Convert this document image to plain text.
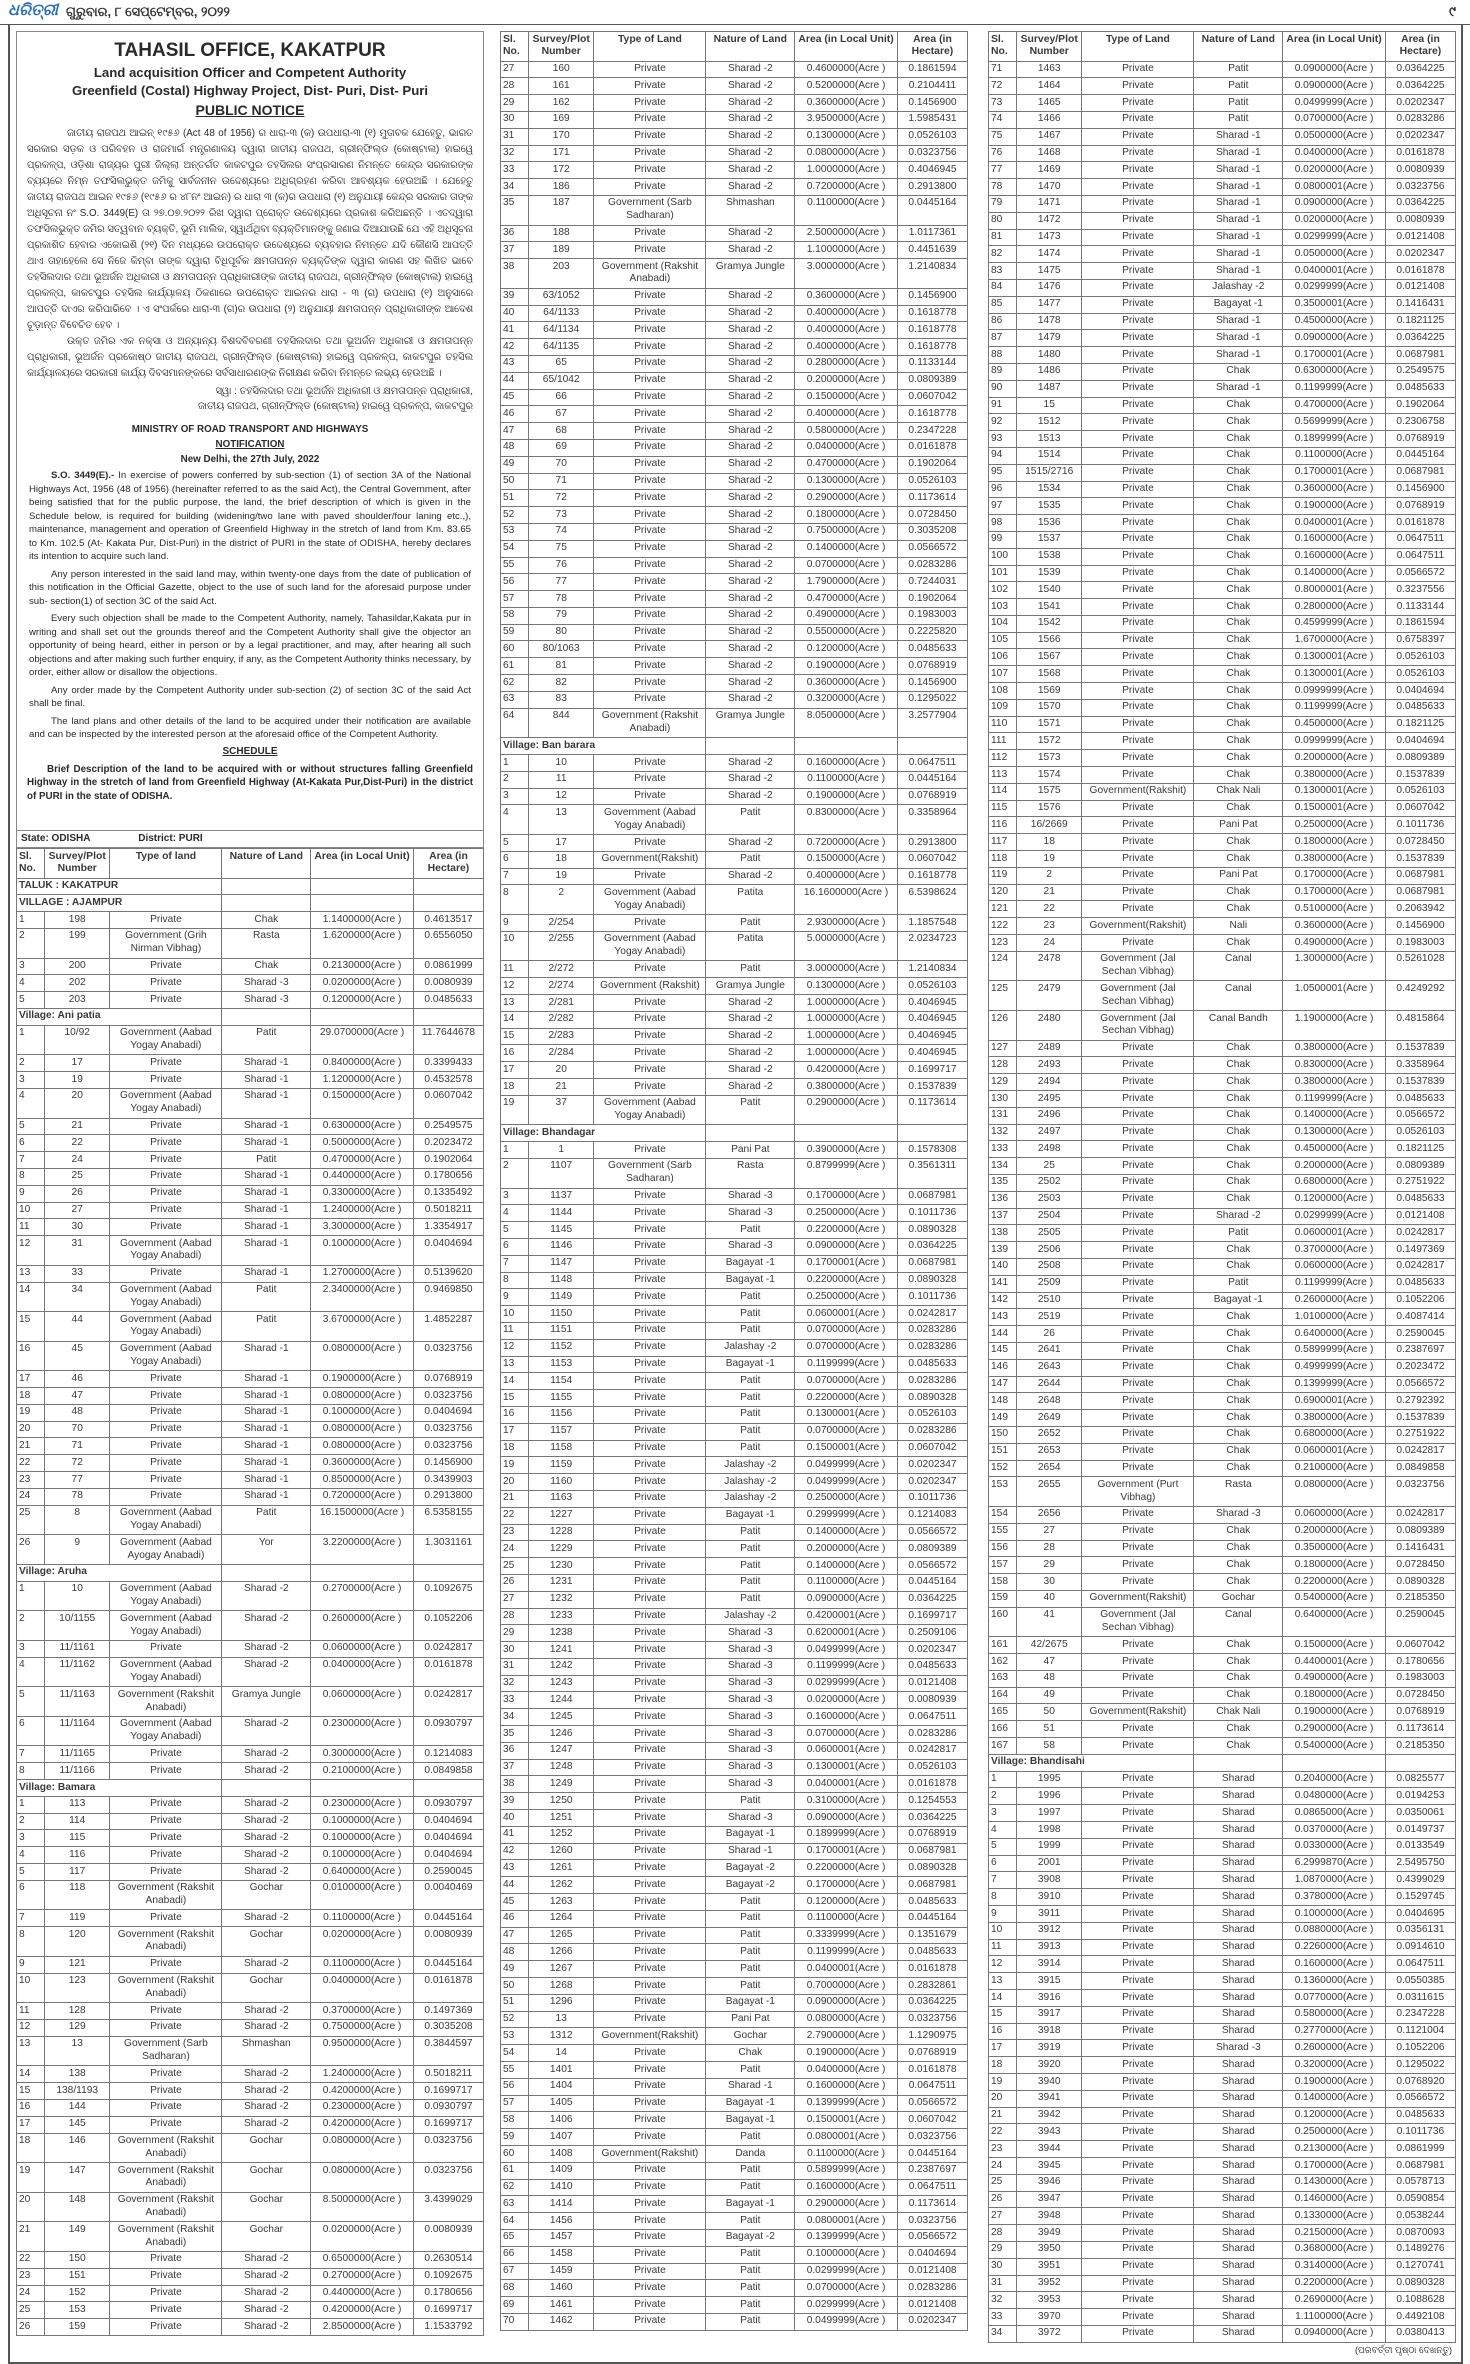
ଧରିତ୍ରୀ ଗୁରୁବାର, ୮ ସେପ୍ଟେମ୍ବର, ୨୦୨୨	୯
TAHASIL OFFICE, KAKATPUR
Land acquisition Officer and Competent Authority
Greenfield (Costal) Highway Project, Dist- Puri, Dist- Puri
PUBLIC NOTICE

ଜାତୀୟ ରାଜପଥ ଆଇନ୍ ୧୯୫୬ (Act 48 of 1956) ର ଧାରା-୩ (କ) ଉପଧାରା-୩ (୧) ମୁତାବକ ଯେହେତୁ, ଭାରତ ସରକାର ସଡ଼କ ଓ ପରିବହନ ଓ ରାଜମାର୍ଗ ମନ୍ତ୍ରଣାଳୟ ଦ୍ୱାରା ଜାତୀୟ ରାଜପଥ, ଗ୍ରୀନ୍‌ଫିଲ୍ଡ (କୋଷ୍ଟାଲ) ହାଇୱେ ପ୍ରକଳ୍ପ, ଓଡ଼ିଶା ରାଜ୍ୟର ପୁରୀ ଜିଲ୍ଲା ଅନ୍ତର୍ଗତ କାକଟପୁର ତହସିଲର ସଂପ୍ରସାରଣ ନିମନ୍ତେ କେନ୍ଦ୍ର ସରକାରଙ୍କ ବ୍ୟୟରେ ନିମ୍ନ ତଫସିଲଭୁକ୍ତ ଜମିକୁ ସାର୍ବଜନୀନ ଉଦ୍ଦେଶ୍ୟରେ ଅଧିଗ୍ରହଣ କରିବା ଆବଶ୍ୟକ ହେଉଅଛି । ଯେହେତୁ ଜାତୀୟ ରାଜପଥ ଆଇନ ୧୯୫୬ (୧୯୫୬ ର ୪୮ନଂ ଆଇନ) ର ଧାରା ୩ (କ)ର ଉପଧାରା (୧) ଅନୁଯାୟୀ କେନ୍ଦ୍ର ସରକାର ତାଙ୍କ ଅଧିସୂଚନା ନଂ S.O. 3449(E) ତା ୨୭.୦୭.୨୦୨୨ ରିଖ ଦ୍ୱାରା ପ୍ରୋକ୍ତ ଉଦ୍ଦେଶ୍ୟରେ ପ୍ରକାଶ କରିଅଛନ୍ତି । ଏତଦ୍ୱାରା ତଫସିଲଭୁକ୍ତ ଜମିର ସତ୍ୱବାନ ବ୍ୟକ୍ତି, ଭୂମି ମାଲିକ, ସ୍ୱାର୍ଥଥିବା ବ୍ୟକ୍ତିମାନଙ୍କୁ ଜଣାଇ ଦିଆଯାଉଛି ଯେ ଏହି ଅଧିସୂଚନା ପ୍ରକାଶିତ ହେବାର ଏକୋଇଶି (୨୧) ଦିନ ମଧ୍ୟରେ ଉପରୋକ୍ତ ଉଦ୍ଦେଶ୍ୟରେ ବ୍ୟବହାର ନିମନ୍ତେ ଯଦି କୌଣସି ଆପତ୍ତି ଥାଏ ତାହାହେଲେ ସେ ନିଜେ କିମ୍ବା ତାଙ୍କ ଦ୍ୱାରା ବିଧିପୂର୍ବକ କ୍ଷମତାପନ୍ନ ବ୍ୟକ୍ତିଙ୍କ ଦ୍ୱାରା କାରଣ ସହ ଲିଖିତ ଭାବେ ତହସିଲଦାର ତଥା ଭୂଅର୍ଜନ ଅଧିକାରୀ ଓ କ୍ଷମତାପନ୍ନ ପ୍ରାଧିକାରୀଙ୍କ ଜାତୀୟ ରାଜପଥ, ଗ୍ରୀନ୍‌ଫିଲ୍ଡ (କୋଷ୍ଟାଲ) ହାଇୱେ ପ୍ରକଳ୍ପ, କାକଟପୁର ତହସିଲ କାର୍ଯ୍ୟାଳୟ ଠିକଣାରେ ଉପରୋକ୍ତ ଆଇନର ଧାରା - ୩ (ଗ) ଉପଧାରା (୧) ଅନୁସାରେ ଆପତ୍ତି ଦାଏର କରିପାରିବେ । ଏ ସଂପର୍କରେ ଧାରା-୩ (ଗ)ର ଉପଧାରା (୨) ଅନୁଯାୟୀ କ୍ଷମତାପନ୍ନ ପ୍ରାଧିକାରୀଙ୍କ ଆଦେଶ ଚୂଡ଼ାନ୍ତ ବିବେଚିତ ହେବ ।

ଉକ୍ତ ଜମିର ଏକ ନକ୍ସା ଓ ଅନ୍ୟାନ୍ୟ ବିଶଦବିବରଣୀ ତହସିଲଦାର ତଥା ଭୂଅର୍ଜନ ଅଧିକାରୀ ଓ କ୍ଷମତାପନ୍ନ ପ୍ରାଧିକାରୀ, ଭୂଅର୍ଜନ ପ୍ରକୋଷ୍ଠ ଜାତୀୟ ରାଜପଥ, ଗ୍ରୀନ୍‌ଫିଲ୍ଡ (କୋଷ୍ଟାଲ) ହାଇୱେ ପ୍ରକଳ୍ପ, କାକଟପୁର ତହସିଲ କାର୍ଯ୍ୟାଳୟରେ ସରକାରୀ କାର୍ଯ୍ୟ ଦିବସମାନଙ୍କରେ ସର୍ବସାଧାରଣଙ୍କ ନିରୀକ୍ଷଣ କରିବା ନିମନ୍ତେ ଲଭ୍ୟ ହେଉଅଛି ।

ସ୍ୱା : ତହସିଲଦାର ତଥା ଭୂଅର୍ଜନ ଅଧିକାରୀ ଓ କ୍ଷମତାପନ୍ନ ପ୍ରାଧିକାରୀ,
ଜାତୀୟ ରାଜପଥ, ଗ୍ରୀନ୍‌ଫିଲ୍ଡ (କୋଷ୍ଟାଲ) ହାଇୱେ ପ୍ରକଳ୍ପ, କାକଟପୁର
MINISTRY OF ROAD TRANSPORT AND HIGHWAYS
NOTIFICATION
New Delhi, the 27th July, 2022

S.O. 3449(E).- In exercise of powers conferred by sub-section (1) of section 3A of the National Highways Act, 1956 (48 of 1956) (hereinafter referred to as the said Act), the Central Government, after being satisfied that for the public purpose, the land, the brief description of which is given in the Schedule below, is required for building (widening/two lane with paved shoulder/four laning etc.,), maintenance, management and operation of Greenfield Highway in the stretch of land from Km. 83.65 to Km. 102.5 (At- Kakata Pur, Dist-Puri) in the district of PURI in the state of ODISHA, hereby declares its intention to acquire such land.

Any person interested in the said land may, within twenty-one days from the date of publication of this notification in the Official Gazette, object to the use of such land for the aforesaid purpose under sub- section(1) of section 3C of the said Act.

Every such objection shall be made to the Competent Authority, namely, Tahasildar,Kakata pur in writing and shall set out the grounds thereof and the Competent Authority shall give the objector an opportunity of being heard, either in person or by a legal practitioner, and may, after hearing all such objections and after making such further enquiry, if any, as the Competent Authority thinks necessary, by order, either allow or disallow the objections.

Any order made by the Competent Authority under sub-section (2) of section 3C of the said Act shall be final.

The land plans and other details of the land to be acquired under their notification are available and can be inspected by the interested person at the aforesaid office of the Competent Authority.

SCHEDULE

Brief Description of the land to be acquired with or without structures falling Greenfield Highway in the stretch of land from Greenfield Highway (At-Kakata Pur,Dist-Puri) in the district of PURI in the state of ODISHA.

State: ODISHA	District: PURI
Sl. No.	Survey/Plot Number	Type of land	Nature of Land	Area (in Local Unit)	Area (in Hectare)
TALUK : KAKATPUR					
VILLAGE : AJAMPUR					
1	198	Private	Chak	1.1400000(Acre )	0.4613517
2	199	Government (Grih Nirman Vibhag)	Rasta	1.6200000(Acre )	0.6556050
3	200	Private	Chak	0.2130000(Acre )	0.0861999
4	202	Private	Sharad -3	0.0200000(Acre )	0.0080939
5	203	Private	Sharad -3	0.1200000(Acre )	0.0485633
Village: Ani patia					
1	10/92	Government (Aabad Yogay Anabadi)	Patit	29.0700000(Acre )	11.7644678
2	17	Private	Sharad -1	0.8400000(Acre )	0.3399433
3	19	Private	Sharad -1	1.1200000(Acre )	0.4532578
4	20	Government (Aabad Yogay Anabadi)	Sharad -1	0.1500000(Acre )	0.0607042
5	21	Private	Sharad -1	0.6300000(Acre )	0.2549575
6	22	Private	Sharad -1	0.5000000(Acre )	0.2023472
7	24	Private	Patit	0.4700000(Acre )	0.1902064
8	25	Private	Sharad -1	0.4400000(Acre )	0.1780656
9	26	Private	Sharad -1	0.3300000(Acre )	0.1335492
10	27	Private	Sharad -1	1.2400000(Acre )	0.5018211
11	30	Private	Sharad -1	3.3000000(Acre )	1.3354917
12	31	Government (Aabad Yogay Anabadi)	Sharad -1	0.1000000(Acre )	0.0404694
13	33	Private	Sharad -1	1.2700000(Acre )	0.5139620
14	34	Government (Aabad Yogay Anabadi)	Patit	2.3400000(Acre )	0.9469850
15	44	Government (Aabad Yogay Anabadi)	Patit	3.6700000(Acre )	1.4852287
16	45	Government (Aabad Yogay Anabadi)	Sharad -1	0.0800000(Acre )	0.0323756
17	46	Private	Sharad -1	0.1900000(Acre )	0.0768919
18	47	Private	Sharad -1	0.0800000(Acre )	0.0323756
19	48	Private	Sharad -1	0.1000000(Acre )	0.0404694
20	70	Private	Sharad -1	0.0800000(Acre )	0.0323756
21	71	Private	Sharad -1	0.0800000(Acre )	0.0323756
22	72	Private	Sharad -1	0.3600000(Acre )	0.1456900
23	77	Private	Sharad -1	0.8500000(Acre )	0.3439903
24	78	Private	Sharad -1	0.7200000(Acre )	0.2913800
25	8	Government (Aabad Yogay Anabadi)	Patit	16.1500000(Acre )	6.5358155
26	9	Government (Aabad Ayogay Anabadi)	Yor	3.2200000(Acre )	1.3031161
Village: Aruha					
1	10	Government (Aabad Yogay Anabadi)	Sharad -2	0.2700000(Acre )	0.1092675
2	10/1155	Government (Aabad Yogay Anabadi)	Sharad -2	0.2600000(Acre )	0.1052206
3	11/1161	Private	Sharad -2	0.0600000(Acre )	0.0242817
4	11/1162	Government (Aabad Yogay Anabadi)	Sharad -2	0.0400000(Acre )	0.0161878
5	11/1163	Government (Rakshit Anabadi)	Gramya Jungle	0.0600000(Acre )	0.0242817
6	11/1164	Government (Aabad Yogay Anabadi)	Sharad -2	0.2300000(Acre )	0.0930797
7	11/1165	Private	Sharad -2	0.3000000(Acre )	0.1214083
8	11/1166	Private	Sharad -2	0.2100000(Acre )	0.0849858
Village: Bamara					
1	113	Private	Sharad -2	0.2300000(Acre )	0.0930797
2	114	Private	Sharad -2	0.1000000(Acre )	0.0404694
3	115	Private	Sharad -2	0.1000000(Acre )	0.0404694
4	116	Private	Sharad -2	0.1000000(Acre )	0.0404694
5	117	Private	Sharad -2	0.6400000(Acre )	0.2590045
6	118	Government (Rakshit Anabadi)	Gochar	0.0100000(Acre )	0.0040469
7	119	Private	Sharad -2	0.1100000(Acre )	0.0445164
8	120	Government (Rakshit Anabadi)	Gochar	0.0200000(Acre )	0.0080939
9	121	Private	Sharad -2	0.1100000(Acre )	0.0445164
10	123	Government (Rakshit Anabadi)	Gochar	0.0400000(Acre )	0.0161878
11	128	Private	Sharad -2	0.3700000(Acre )	0.1497369
12	129	Private	Sharad -2	0.7500000(Acre )	0.3035208
13	13	Government (Sarb Sadharan)	Shmashan	0.9500000(Acre )	0.3844597
14	138	Private	Sharad -2	1.2400000(Acre )	0.5018211
15	138/1193	Private	Sharad -2	0.4200000(Acre )	0.1699717
16	144	Private	Sharad -2	0.2300000(Acre )	0.0930797
17	145	Private	Sharad -2	0.4200000(Acre )	0.1699717
18	146	Government (Rakshit Anabadi)	Gochar	0.0800000(Acre )	0.0323756
19	147	Government (Rakshit Anabadi)	Gochar	0.0800000(Acre )	0.0323756
20	148	Government (Rakshit Anabadi)	Gochar	8.5000000(Acre )	3.4399029
21	149	Government (Rakshit Anabadi)	Gochar	0.0200000(Acre )	0.0080939
22	150	Private	Sharad -2	0.6500000(Acre )	0.2630514
23	151	Private	Sharad -2	0.2700000(Acre )	0.1092675
24	152	Private	Sharad -2	0.4400000(Acre )	0.1780656
25	153	Private	Sharad -2	0.4200000(Acre )	0.1699717
26	159	Private	Sharad -2	2.8500000(Acre )	1.1533792
Sl. No.	Survey/Plot Number	Type of Land	Nature of Land	Area (in Local Unit)	Area (in Hectare)
27	160	Private	Sharad -2	0.4600000(Acre )	0.1861594
28	161	Private	Sharad -2	0.5200000(Acre )	0.2104411
29	162	Private	Sharad -2	0.3600000(Acre )	0.1456900
30	169	Private	Sharad -2	3.9500000(Acre )	1.5985431
31	170	Private	Sharad -2	0.1300000(Acre )	0.0526103
32	171	Private	Sharad -2	0.0800000(Acre )	0.0323756
33	172	Private	Sharad -2	1.0000000(Acre )	0.4046945
34	186	Private	Sharad -2	0.7200000(Acre )	0.2913800
35	187	Government (Sarb Sadharan)	Shmashan	0.1100000(Acre )	0.0445164
36	188	Private	Sharad -2	2.5000000(Acre )	1.0117361
37	189	Private	Sharad -2	1.1000000(Acre )	0.4451639
38	203	Government (Rakshit Anabadi)	Gramya Jungle	3.0000000(Acre )	1.2140834
39	63/1052	Private	Sharad -2	0.3600000(Acre )	0.1456900
40	64/1133	Private	Sharad -2	0.4000000(Acre )	0.1618778
41	64/1134	Private	Sharad -2	0.4000000(Acre )	0.1618778
42	64/1135	Private	Sharad -2	0.4000000(Acre )	0.1618778
43	65	Private	Sharad -2	0.2800000(Acre )	0.1133144
44	65/1042	Private	Sharad -2	0.2000000(Acre )	0.0809389
45	66	Private	Sharad -2	0.1500000(Acre )	0.0607042
46	67	Private	Sharad -2	0.4000000(Acre )	0.1618778
47	68	Private	Sharad -2	0.5800000(Acre )	0.2347228
48	69	Private	Sharad -2	0.0400000(Acre )	0.0161878
49	70	Private	Sharad -2	0.4700000(Acre )	0.1902064
50	71	Private	Sharad -2	0.1300000(Acre )	0.0526103
51	72	Private	Sharad -2	0.2900000(Acre )	0.1173614
52	73	Private	Sharad -2	0.1800000(Acre )	0.0728450
53	74	Private	Sharad -2	0.7500000(Acre )	0.3035208
54	75	Private	Sharad -2	0.1400000(Acre )	0.0566572
55	76	Private	Sharad -2	0.0700000(Acre )	0.0283286
56	77	Private	Sharad -2	1.7900000(Acre )	0.7244031
57	78	Private	Sharad -2	0.4700000(Acre )	0.1902064
58	79	Private	Sharad -2	0.4900000(Acre )	0.1983003
59	80	Private	Sharad -2	0.5500000(Acre )	0.2225820
60	80/1063	Private	Sharad -2	0.1200000(Acre )	0.0485633
61	81	Private	Sharad -2	0.1900000(Acre )	0.0768919
62	82	Private	Sharad -2	0.3600000(Acre )	0.1456900
63	83	Private	Sharad -2	0.3200000(Acre )	0.1295022
64	844	Government (Rakshit Anabadi)	Gramya Jungle	8.0500000(Acre )	3.2577904
Village: Ban barara					
1	10	Private	Sharad -2	0.1600000(Acre )	0.0647511
2	11	Private	Sharad -2	0.1100000(Acre )	0.0445164
3	12	Private	Sharad -2	0.1900000(Acre )	0.0768919
4	13	Government (Aabad Yogay Anabadi)	Patit	0.8300000(Acre )	0.3358964
5	17	Private	Sharad -2	0.7200000(Acre )	0.2913800
6	18	Government(Rakshit)	Patit	0.1500000(Acre )	0.0607042
7	19	Private	Sharad -2	0.4000000(Acre )	0.1618778
8	2	Government (Aabad Yogay Anabadi)	Patita	16.1600000(Acre )	6.5398624
9	2/254	Private	Patit	2.9300000(Acre )	1.1857548
10	2/255	Government (Aabad Yogay Anabadi)	Patita	5.0000000(Acre )	2.0234723
11	2/272	Private	Patit	3.0000000(Acre )	1.2140834
12	2/274	Government (Rakshit)	Gramya Jungle	0.1300000(Acre )	0.0526103
13	2/281	Private	Sharad -2	1.0000000(Acre )	0.4046945
14	2/282	Private	Sharad -2	1.0000000(Acre )	0.4046945
15	2/283	Private	Sharad -2	1.0000000(Acre )	0.4046945
16	2/284	Private	Sharad -2	1.0000000(Acre )	0.4046945
17	20	Private	Sharad -2	0.4200000(Acre )	0.1699717
18	21	Private	Sharad -2	0.3800000(Acre )	0.1537839
19	37	Government (Aabad Yogay Anabadi)	Patit	0.2900000(Acre )	0.1173614
Village: Bhandagar					
1	1	Private	Pani Pat	0.3900000(Acre )	0.1578308
2	1107	Government (Sarb Sadharan)	Rasta	0.8799999(Acre )	0.3561311
3	1137	Private	Sharad -3	0.1700000(Acre )	0.0687981
4	1144	Private	Sharad -3	0.2500000(Acre )	0.1011736
5	1145	Private	Patit	0.2200000(Acre )	0.0890328
6	1146	Private	Sharad -3	0.0900000(Acre )	0.0364225
7	1147	Private	Bagayat -1	0.1700001(Acre )	0.0687981
8	1148	Private	Bagayat -1	0.2200000(Acre )	0.0890328
9	1149	Private	Patit	0.2500000(Acre )	0.1011736
10	1150	Private	Patit	0.0600001(Acre )	0.0242817
11	1151	Private	Patit	0.0700000(Acre )	0.0283286
12	1152	Private	Jalashay -2	0.0700000(Acre )	0.0283286
13	1153	Private	Bagayat -1	0.1199999(Acre )	0.0485633
14	1154	Private	Patit	0.0700000(Acre )	0.0283286
15	1155	Private	Patit	0.2200000(Acre )	0.0890328
16	1156	Private	Patit	0.1300001(Acre )	0.0526103
17	1157	Private	Patit	0.0700000(Acre )	0.0283286
18	1158	Private	Patit	0.1500001(Acre )	0.0607042
19	1159	Private	Jalashay -2	0.0499999(Acre )	0.0202347
20	1160	Private	Jalashay -2	0.0499999(Acre )	0.0202347
21	1163	Private	Jalashay -2	0.2500000(Acre )	0.1011736
22	1227	Private	Bagayat -1	0.2999999(Acre )	0.1214083
23	1228	Private	Patit	0.1400000(Acre )	0.0566572
24	1229	Private	Patit	0.2000000(Acre )	0.0809389
25	1230	Private	Patit	0.1400000(Acre )	0.0566572
26	1231	Private	Patit	0.1100000(Acre )	0.0445164
27	1232	Private	Patit	0.0900000(Acre )	0.0364225
28	1233	Private	Jalashay -2	0.4200001(Acre )	0.1699717
29	1238	Private	Sharad -3	0.6200001(Acre )	0.2509106
30	1241	Private	Sharad -3	0.0499999(Acre )	0.0202347
31	1242	Private	Sharad -3	0.1199999(Acre )	0.0485633
32	1243	Private	Sharad -3	0.0299999(Acre )	0.0121408
33	1244	Private	Sharad -3	0.0200000(Acre )	0.0080939
34	1245	Private	Sharad -3	0.1600000(Acre )	0.0647511
35	1246	Private	Sharad -3	0.0700000(Acre )	0.0283286
36	1247	Private	Sharad -3	0.0600001(Acre )	0.0242817
37	1248	Private	Sharad -3	0.1300001(Acre )	0.0526103
38	1249	Private	Sharad -3	0.0400001(Acre )	0.0161878
39	1250	Private	Patit	0.3100000(Acre )	0.1254553
40	1251	Private	Sharad -3	0.0900000(Acre )	0.0364225
41	1252	Private	Bagayat -1	0.1899999(Acre )	0.0768919
42	1260	Private	Sharad -1	0.1700001(Acre )	0.0687981
43	1261	Private	Bagayat -2	0.2200000(Acre )	0.0890328
44	1262	Private	Bagayat -2	0.1700000(Acre )	0.0687981
45	1263	Private	Patit	0.1200000(Acre )	0.0485633
46	1264	Private	Patit	0.1100000(Acre )	0.0445164
47	1265	Private	Patit	0.3339999(Acre )	0.1351679
48	1266	Private	Patit	0.1199999(Acre )	0.0485633
49	1267	Private	Patit	0.0400001(Acre )	0.0161878
50	1268	Private	Patit	0.7000000(Acre )	0.2832861
51	1296	Private	Bagayat -1	0.0900000(Acre )	0.0364225
52	13	Private	Pani Pat	0.0800000(Acre )	0.0323756
53	1312	Government(Rakshit)	Gochar	2.7900000(Acre )	1.1290975
54	14	Private	Chak	0.1900000(Acre )	0.0768919
55	1401	Private	Patit	0.0400000(Acre )	0.0161878
56	1404	Private	Sharad -1	0.1600000(Acre )	0.0647511
57	1405	Private	Bagayat -1	0.1399999(Acre )	0.0566572
58	1406	Private	Bagayat -1	0.1500001(Acre )	0.0607042
59	1407	Private	Patit	0.0800001(Acre )	0.0323756
60	1408	Government(Rakshit)	Danda	0.1100000(Acre )	0.0445164
61	1409	Private	Patit	0.5899999(Acre )	0.2387697
62	1410	Private	Patit	0.1600000(Acre )	0.0647511
63	1414	Private	Bagayat -1	0.2900000(Acre )	0.1173614
64	1456	Private	Patit	0.0800001(Acre )	0.0323756
65	1457	Private	Bagayat -2	0.1399999(Acre )	0.0566572
66	1458	Private	Patit	0.1000000(Acre )	0.0404694
67	1459	Private	Patit	0.0299999(Acre )	0.0121408
68	1460	Private	Patit	0.0700000(Acre )	0.0283286
69	1461	Private	Patit	0.0299999(Acre )	0.0121408
70	1462	Private	Patit	0.0499999(Acre )	0.0202347
Sl. No.	Survey/Plot Number	Type of Land	Nature of Land	Area (in Local Unit)	Area (in Hectare)
71	1463	Private	Patit	0.0900000(Acre )	0.0364225
72	1464	Private	Patit	0.0900000(Acre )	0.0364225
73	1465	Private	Patit	0.0499999(Acre )	0.0202347
74	1466	Private	Patit	0.0700000(Acre )	0.0283286
75	1467	Private	Sharad -1	0.0500000(Acre )	0.0202347
76	1468	Private	Sharad -1	0.0400000(Acre )	0.0161878
77	1469	Private	Sharad -1	0.0200000(Acre )	0.0080939
78	1470	Private	Sharad -1	0.0800001(Acre )	0.0323756
79	1471	Private	Sharad -1	0.0900000(Acre )	0.0364225
80	1472	Private	Sharad -1	0.0200000(Acre )	0.0080939
81	1473	Private	Sharad -1	0.0299999(Acre )	0.0121408
82	1474	Private	Sharad -1	0.0500000(Acre )	0.0202347
83	1475	Private	Sharad -1	0.0400001(Acre )	0.0161878
84	1476	Private	Jalashay -2	0.0299999(Acre )	0.0121408
85	1477	Private	Bagayat -1	0.3500001(Acre )	0.1416431
86	1478	Private	Sharad -1	0.4500000(Acre )	0.1821125
87	1479	Private	Sharad -1	0.0900000(Acre )	0.0364225
88	1480	Private	Sharad -1	0.1700001(Acre )	0.0687981
89	1486	Private	Chak	0.6300000(Acre )	0.2549575
90	1487	Private	Sharad -1	0.1199999(Acre )	0.0485633
91	15	Private	Chak	0.4700000(Acre )	0.1902064
92	1512	Private	Chak	0.5699999(Acre )	0.2306758
93	1513	Private	Chak	0.1899999(Acre )	0.0768919
94	1514	Private	Chak	0.1100000(Acre )	0.0445164
95	1515/2716	Private	Chak	0.1700001(Acre )	0.0687981
96	1534	Private	Chak	0.3600000(Acre )	0.1456900
97	1535	Private	Chak	0.1900000(Acre )	0.0768919
98	1536	Private	Chak	0.0400001(Acre )	0.0161878
99	1537	Private	Chak	0.1600000(Acre )	0.0647511
100	1538	Private	Chak	0.1600000(Acre )	0.0647511
101	1539	Private	Chak	0.1400000(Acre )	0.0566572
102	1540	Private	Chak	0.8000001(Acre )	0.3237556
103	1541	Private	Chak	0.2800000(Acre )	0.1133144
104	1542	Private	Chak	0.4599999(Acre )	0.1861594
105	1566	Private	Chak	1.6700000(Acre )	0.6758397
106	1567	Private	Chak	0.1300001(Acre )	0.0526103
107	1568	Private	Chak	0.1300001(Acre )	0.0526103
108	1569	Private	Chak	0.0999999(Acre )	0.0404694
109	1570	Private	Chak	0.1199999(Acre )	0.0485633
110	1571	Private	Chak	0.4500000(Acre )	0.1821125
111	1572	Private	Chak	0.0999999(Acre )	0.0404694
112	1573	Private	Chak	0.2000000(Acre )	0.0809389
113	1574	Private	Chak	0.3800000(Acre )	0.1537839
114	1575	Government(Rakshit)	Chak Nali	0.1300001(Acre )	0.0526103
115	1576	Private	Chak	0.1500001(Acre )	0.0607042
116	16/2669	Private	Pani Pat	0.2500000(Acre )	0.1011736
117	18	Private	Chak	0.1800000(Acre )	0.0728450
118	19	Private	Chak	0.3800000(Acre )	0.1537839
119	2	Private	Pani Pat	0.1700000(Acre )	0.0687981
120	21	Private	Chak	0.1700000(Acre )	0.0687981
121	22	Private	Chak	0.5100000(Acre )	0.2063942
122	23	Government(Rakshit)	Nali	0.3600000(Acre )	0.1456900
123	24	Private	Chak	0.4900000(Acre )	0.1983003
124	2478	Government (Jal Sechan Vibhag)	Canal	1.3000000(Acre )	0.5261028
125	2479	Government (Jal Sechan Vibhag)	Canal	1.0500001(Acre )	0.4249292
126	2480	Government (Jal Sechan Vibhag)	Canal Bandh	1.1900000(Acre )	0.4815864
127	2489	Private	Chak	0.3800000(Acre )	0.1537839
128	2493	Private	Chak	0.8300000(Acre )	0.3358964
129	2494	Private	Chak	0.3800000(Acre )	0.1537839
130	2495	Private	Chak	0.1199999(Acre )	0.0485633
131	2496	Private	Chak	0.1400000(Acre )	0.0566572
132	2497	Private	Chak	0.1300000(Acre )	0.0526103
133	2498	Private	Chak	0.4500000(Acre )	0.1821125
134	25	Private	Chak	0.2000000(Acre )	0.0809389
135	2502	Private	Chak	0.6800000(Acre )	0.2751922
136	2503	Private	Chak	0.1200000(Acre )	0.0485633
137	2504	Private	Sharad -2	0.0299999(Acre )	0.0121408
138	2505	Private	Patit	0.0600001(Acre )	0.0242817
139	2506	Private	Chak	0.3700000(Acre )	0.1497369
140	2508	Private	Chak	0.0600000(Acre )	0.0242817
141	2509	Private	Patit	0.1199999(Acre )	0.0485633
142	2510	Private	Bagayat -1	0.2600000(Acre )	0.1052206
143	2519	Private	Chak	1.0100000(Acre )	0.4087414
144	26	Private	Chak	0.6400000(Acre )	0.2590045
145	2641	Private	Chak	0.5899999(Acre )	0.2387697
146	2643	Private	Chak	0.4999999(Acre )	0.2023472
147	2644	Private	Chak	0.1399999(Acre )	0.0566572
148	2648	Private	Chak	0.6900001(Acre )	0.2792392
149	2649	Private	Chak	0.3800000(Acre )	0.1537839
150	2652	Private	Chak	0.6800000(Acre )	0.2751922
151	2653	Private	Chak	0.0600001(Acre )	0.0242817
152	2654	Private	Chak	0.2100000(Acre )	0.0849858
153	2655	Government (Purt Vibhag)	Rasta	0.0800000(Acre )	0.0323756
154	2656	Private	Sharad -3	0.0600000(Acre )	0.0242817
155	27	Private	Chak	0.2000000(Acre )	0.0809389
156	28	Private	Chak	0.3500000(Acre )	0.1416431
157	29	Private	Chak	0.1800000(Acre )	0.0728450
158	30	Private	Chak	0.2200000(Acre )	0.0890328
159	40	Government(Rakshit)	Gochar	0.5400000(Acre )	0.2185350
160	41	Government (Jal Sechan Vibhag)	Canal	0.6400000(Acre )	0.2590045
161	42/2675	Private	Chak	0.1500000(Acre )	0.0607042
162	47	Private	Chak	0.4400001(Acre )	0.1780656
163	48	Private	Chak	0.4900000(Acre )	0.1983003
164	49	Private	Chak	0.1800000(Acre )	0.0728450
165	50	Government(Rakshit)	Chak Nali	0.1900000(Acre )	0.0768919
166	51	Private	Chak	0.2900000(Acre )	0.1173614
167	58	Private	Chak	0.5400000(Acre )	0.2185350
Village: Bhandisahi					
1	1995	Private	Sharad	0.2040000(Acre )	0.0825577
2	1996	Private	Sharad	0.0480000(Acre )	0.0194253
3	1997	Private	Sharad	0.0865000(Acre )	0.0350061
4	1998	Private	Sharad	0.0370000(Acre )	0.0149737
5	1999	Private	Sharad	0.0330000(Acre )	0.0133549
6	2001	Private	Sharad	6.2999870(Acre )	2.5495750
7	3908	Private	Sharad	1.0870000(Acre )	0.4399029
8	3910	Private	Sharad	0.3780000(Acre )	0.1529745
9	3911	Private	Sharad	0.1000000(Acre )	0.0404695
10	3912	Private	Sharad	0.0880000(Acre )	0.0356131
11	3913	Private	Sharad	0.2260000(Acre )	0.0914610
12	3914	Private	Sharad	0.1600000(Acre )	0.0647511
13	3915	Private	Sharad	0.1360000(Acre )	0.0550385
14	3916	Private	Sharad	0.0770000(Acre )	0.0311615
15	3917	Private	Sharad	0.5800000(Acre )	0.2347228
16	3918	Private	Sharad	0.2770000(Acre )	0.1121004
17	3919	Private	Sharad -3	0.2600000(Acre )	0.1052206
18	3920	Private	Sharad	0.3200000(Acre )	0.1295022
19	3940	Private	Sharad	0.1900000(Acre )	0.0768920
20	3941	Private	Sharad	0.1400000(Acre )	0.0566572
21	3942	Private	Sharad	0.1200000(Acre )	0.0485633
22	3943	Private	Sharad	0.2500000(Acre )	0.1011736
23	3944	Private	Sharad	0.2130000(Acre )	0.0861999
24	3945	Private	Sharad	0.1700000(Acre )	0.0687981
25	3946	Private	Sharad	0.1430000(Acre )	0.0578713
26	3947	Private	Sharad	0.1460000(Acre )	0.0590854
27	3948	Private	Sharad	0.1330000(Acre )	0.0538244
28	3949	Private	Sharad	0.2150000(Acre )	0.0870093
29	3950	Private	Sharad	0.3680000(Acre )	0.1489276
30	3951	Private	Sharad	0.3140000(Acre )	0.1270741
31	3952	Private	Sharad	0.2200000(Acre )	0.0890328
32	3953	Private	Sharad	0.2690000(Acre )	0.1088628
33	3970	Private	Sharad	1.1100000(Acre )	0.4492108
34	3972	Private	Sharad	0.0940000(Acre )	0.0380413
(ପରବର୍ତ୍ତୀ ପୃଷ୍ଠା ଦେଖନ୍ତୁ)
